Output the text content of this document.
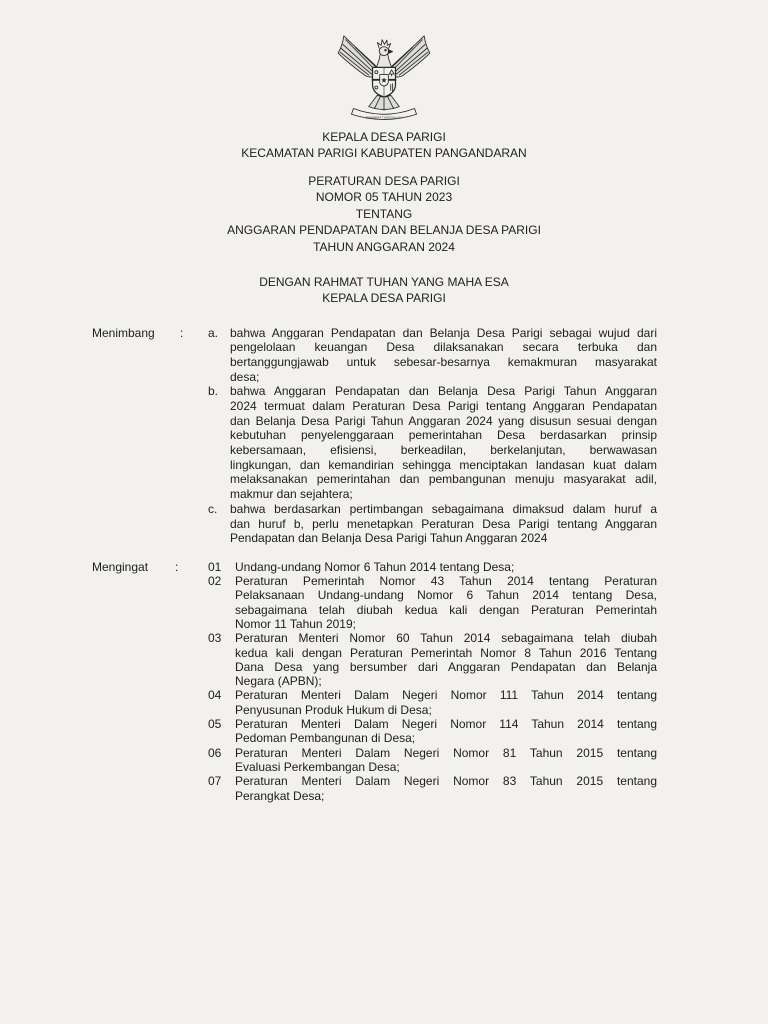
BHINNEKA TUNGGAL IKA
KEPALA DESA PARIGI
KECAMATAN PARIGI KABUPATEN PANGANDARAN
PERATURAN DESA PARIGI
NOMOR 05 TAHUN 2023
TENTANG
ANGGARAN PENDAPATAN DAN BELANJA DESA PARIGI
TAHUN ANGGARAN 2024
DENGAN RAHMAT TUHAN YANG MAHA ESA
KEPALA DESA PARIGI
Menimbang : a. bahwa Anggaran Pendapatan dan Belanja Desa Parigi sebagai wujud dari
pengelolaan keuangan Desa dilaksanakan secara terbuka dan
bertanggungjawab untuk sebesar-besarnya kemakmuran masyarakat
desa;
b. bahwa Anggaran Pendapatan dan Belanja Desa Parigi Tahun Anggaran
2024 termuat dalam Peraturan Desa Parigi tentang Anggaran Pendapatan
dan Belanja Desa Parigi Tahun Anggaran 2024 yang disusun sesuai dengan
kebutuhan penyelenggaraan pemerintahan Desa berdasarkan prinsip
kebersamaan, efisiensi, berkeadilan, berkelanjutan, berwawasan
lingkungan, dan kemandirian sehingga menciptakan landasan kuat dalam
melaksanakan pemerintahan dan pembangunan menuju masyarakat adil,
makmur dan sejahtera;
c. bahwa berdasarkan pertimbangan sebagaimana dimaksud dalam huruf a
dan huruf b, perlu menetapkan Peraturan Desa Parigi tentang Anggaran
Pendapatan dan Belanja Desa Parigi Tahun Anggaran 2024
Mengingat : 01 Undang-undang Nomor 6 Tahun 2014 tentang Desa;
02 Peraturan Pemerintah Nomor 43 Tahun 2014 tentang Peraturan
Pelaksanaan Undang-undang Nomor 6 Tahun 2014 tentang Desa,
sebagaimana telah diubah kedua kali dengan Peraturan Pemerintah
Nomor 11 Tahun 2019;
03 Peraturan Menteri Nomor 60 Tahun 2014 sebagaimana telah diubah
kedua kali dengan Peraturan Pemerintah Nomor 8 Tahun 2016 Tentang
Dana Desa yang bersumber dari Anggaran Pendapatan dan Belanja
Negara (APBN);
04 Peraturan Menteri Dalam Negeri Nomor 111 Tahun 2014 tentang
Penyusunan Produk Hukum di Desa;
05 Peraturan Menteri Dalam Negeri Nomor 114 Tahun 2014 tentang
Pedoman Pembangunan di Desa;
06 Peraturan Menteri Dalam Negeri Nomor 81 Tahun 2015 tentang
Evaluasi Perkembangan Desa;
07 Peraturan Menteri Dalam Negeri Nomor 83 Tahun 2015 tentang
Perangkat Desa;
